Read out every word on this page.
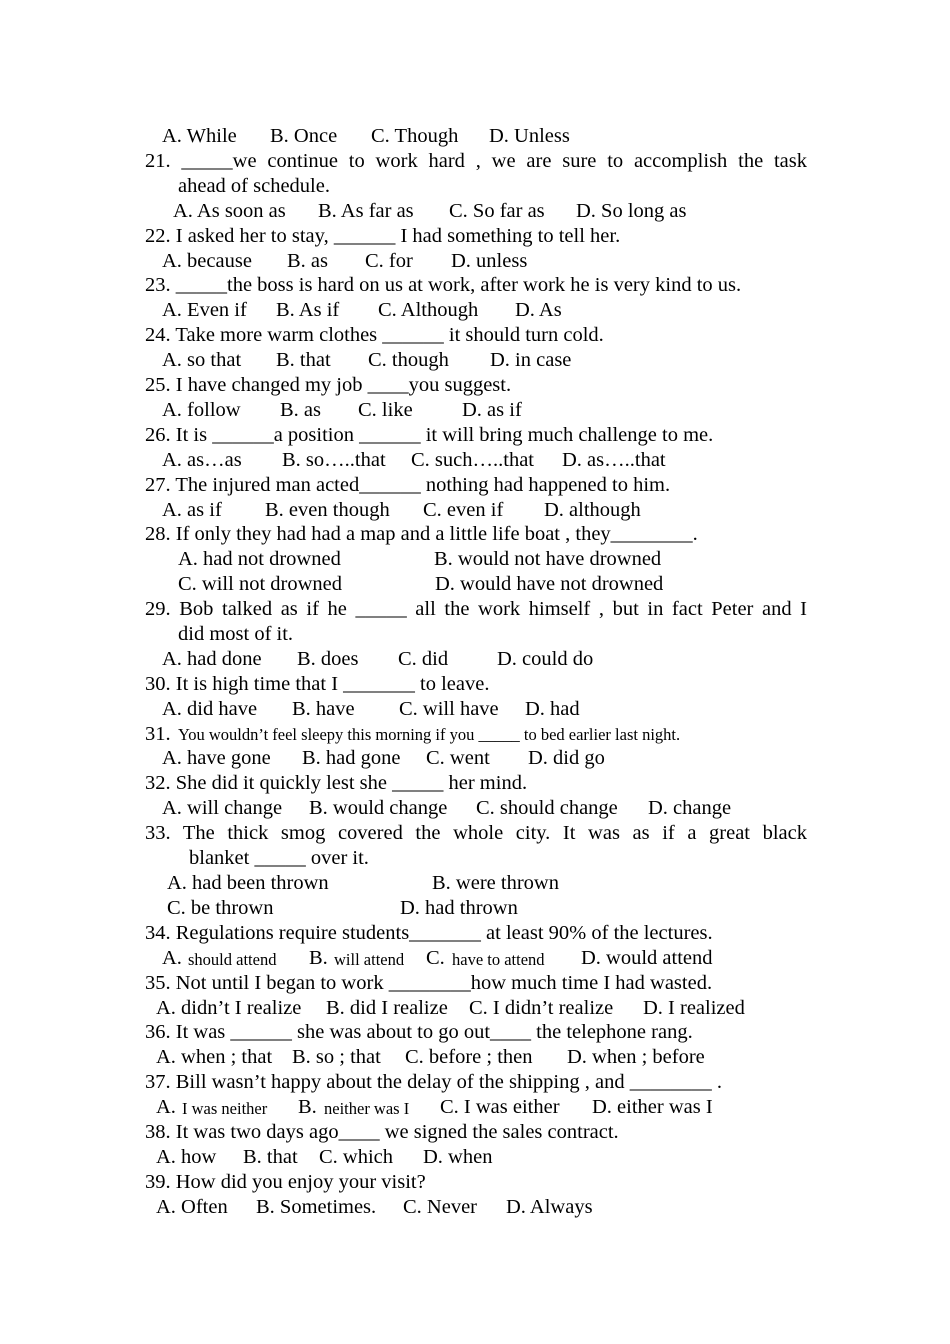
A. While B. Once C. Though D. Unless
21. _____we continue to work hard , we are sure to accomplish the task
ahead of schedule.
A. As soon as B. As far as C. So far as D. So long as
22. I asked her to stay, ______ I had something to tell her.
A. because B. as C. for D. unless
23. _____the boss is hard on us at work, after work he is very kind to us.
A. Even if B. As if C. Although D. As
24. Take more warm clothes ______ it should turn cold.
A. so that B. that C. though D. in case
25. I have changed my job ____you suggest.
A. follow B. as C. like D. as if
26. It is ______a position ______ it will bring much challenge to me.
A. as…as B. so…..that C. such…..that D. as…..that
27. The injured man acted______ nothing had happened to him.
A. as if B. even though C. even if D. although
28. If only they had had a map and a little life boat , they________.
A. had not drowned	B. would not have drowned
C. will not drowned	D. would have not drowned
29. Bob talked as if he _____ all the work himself , but in fact Peter and I
did most of it.
A. had done B. does C. did D. could do
30. It is high time that I _______ to leave.
A. did have B. have C. will have D. had
31. You wouldn’t feel sleepy this morning if you _____ to bed earlier last night.
A. have gone B. had gone C. went D. did go
32. She did it quickly lest she _____ her mind.
A. will change B. would change C. should change D. change
33. The thick smog covered the whole city. It was as if a great black
blanket _____ over it.
A. had been thrown	B. were thrown
C. be thrown	D. had thrown
34. Regulations require students_______ at least 90% of the lectures.
A. should attend B. will attend C. have to attend D. would attend
35. Not until I began to work ________how much time I had wasted.
A. didn’t I realize B. did I realize C. I didn’t realize D. I realized
36. It was ______ she was about to go out____ the telephone rang.
A. when ; that B. so ; that C. before ; then D. when ; before
37. Bill wasn’t happy about the delay of the shipping , and ________ .
A. I was neither B. neither was I C. I was either D. either was I
38. It was two days ago____ we signed the sales contract.
A. how B. that C. which D. when
39. How did you enjoy your visit?
A. Often B. Sometimes. C. Never D. Always
